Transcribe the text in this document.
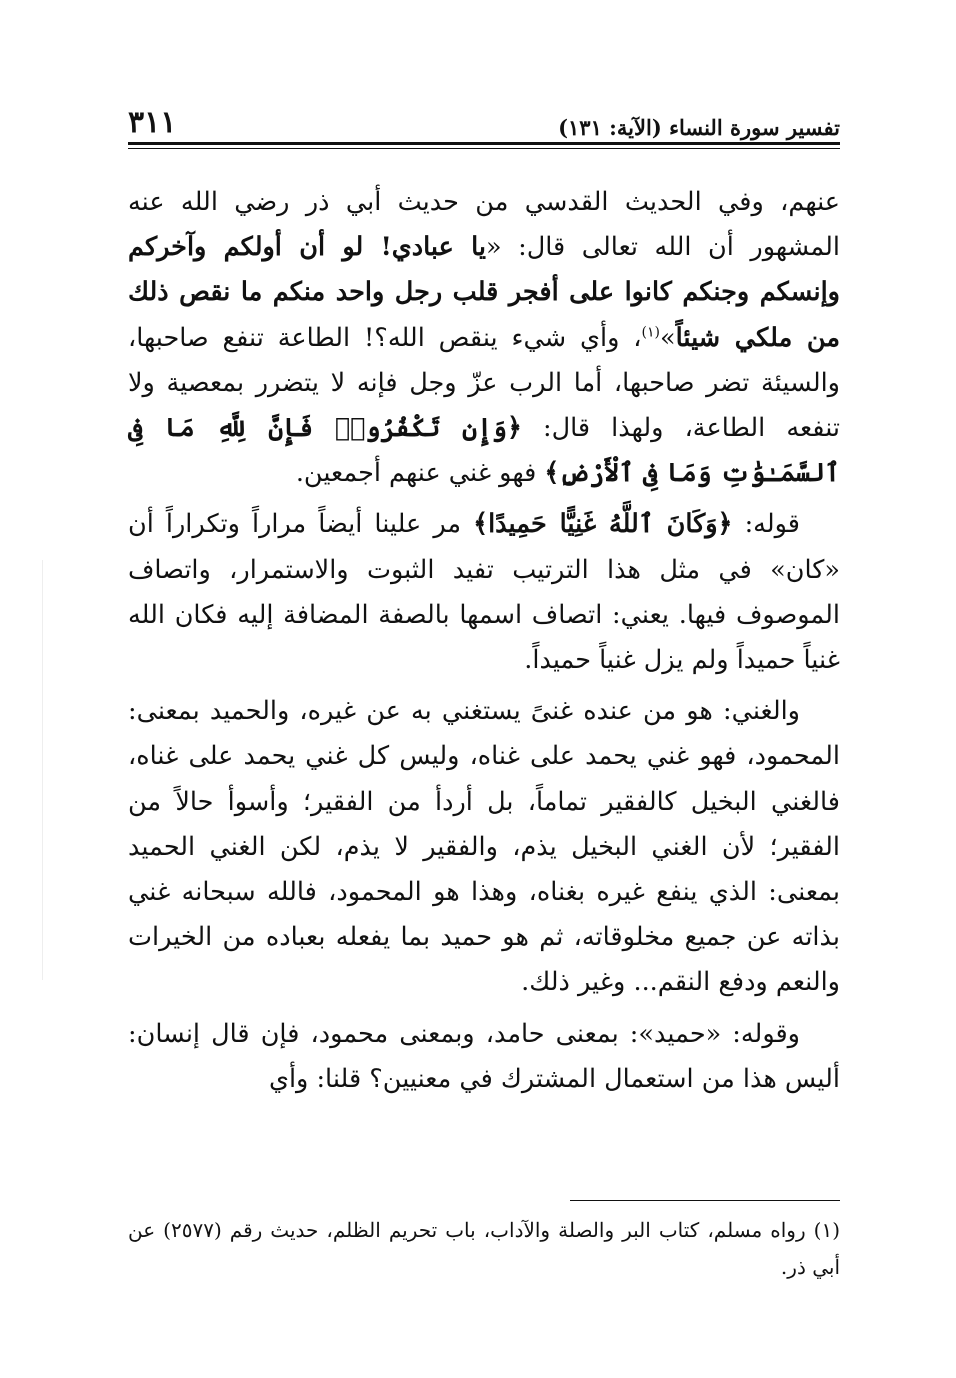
تفسير سورة النساء (الآية: ١٣١)
٣١١

عنهم، وفي الحديث القدسي من حديث أبي ذر رضي الله عنه المشهور أن الله تعالى قال: «يا عبادي! لو أن أولكم وآخركم وإنسكم وجنكم كانوا على أفجر قلب رجل واحد منكم ما نقص ذلك من ملكي شيئاً»$^{(١)}$، وأي شيء ينقص الله؟! الطاعة تنفع صاحبها، والسيئة تضر صاحبها، أما الرب عزّ وجل فإنه لا يتضرر بمعصية ولا تنفعه الطاعة، ولهذا قال: ﴿وَإِن تَكْفُرُوا۟ فَإِنَّ لِلَّهِ مَا فِى ٱلسَّمَـٰوَٰتِ وَمَا فِى ٱلْأَرْضِ﴾ فهو غني عنهم أجمعين.

قوله: ﴿وَكَانَ ٱللَّهُ غَنِيًّا حَمِيدًا﴾ مر علينا أيضاً مراراً وتكراراً أن «كان» في مثل هذا الترتيب تفيد الثبوت والاستمرار، واتصاف الموصوف فيها. يعني: اتصاف اسمها بالصفة المضافة إليه فكان الله غنياً حميداً ولم يزل غنياً حميداً.

والغني: هو من عنده غنىً يستغني به عن غيره، والحميد بمعنى: المحمود، فهو غني يحمد على غناه، وليس كل غني يحمد على غناه، فالغني البخيل كالفقير تماماً، بل أردأ من الفقير؛ وأسوأ حالاً من الفقير؛ لأن الغني البخيل يذم، والفقير لا يذم، لكن الغني الحميد بمعنى: الذي ينفع غيره بغناه، وهذا هو المحمود، فالله سبحانه غني بذاته عن جميع مخلوقاته، ثم هو حميد بما يفعله بعباده من الخيرات والنعم ودفع النقم... وغير ذلك.

وقوله: «حميد»: بمعنى حامد، وبمعنى محمود، فإن قال إنسان: أليس هذا من استعمال المشترك في معنيين؟ قلنا: وأي

(١) رواه مسلم، كتاب البر والصلة والآداب، باب تحريم الظلم، حديث رقم (٢٥٧٧) عن أبي ذر.
